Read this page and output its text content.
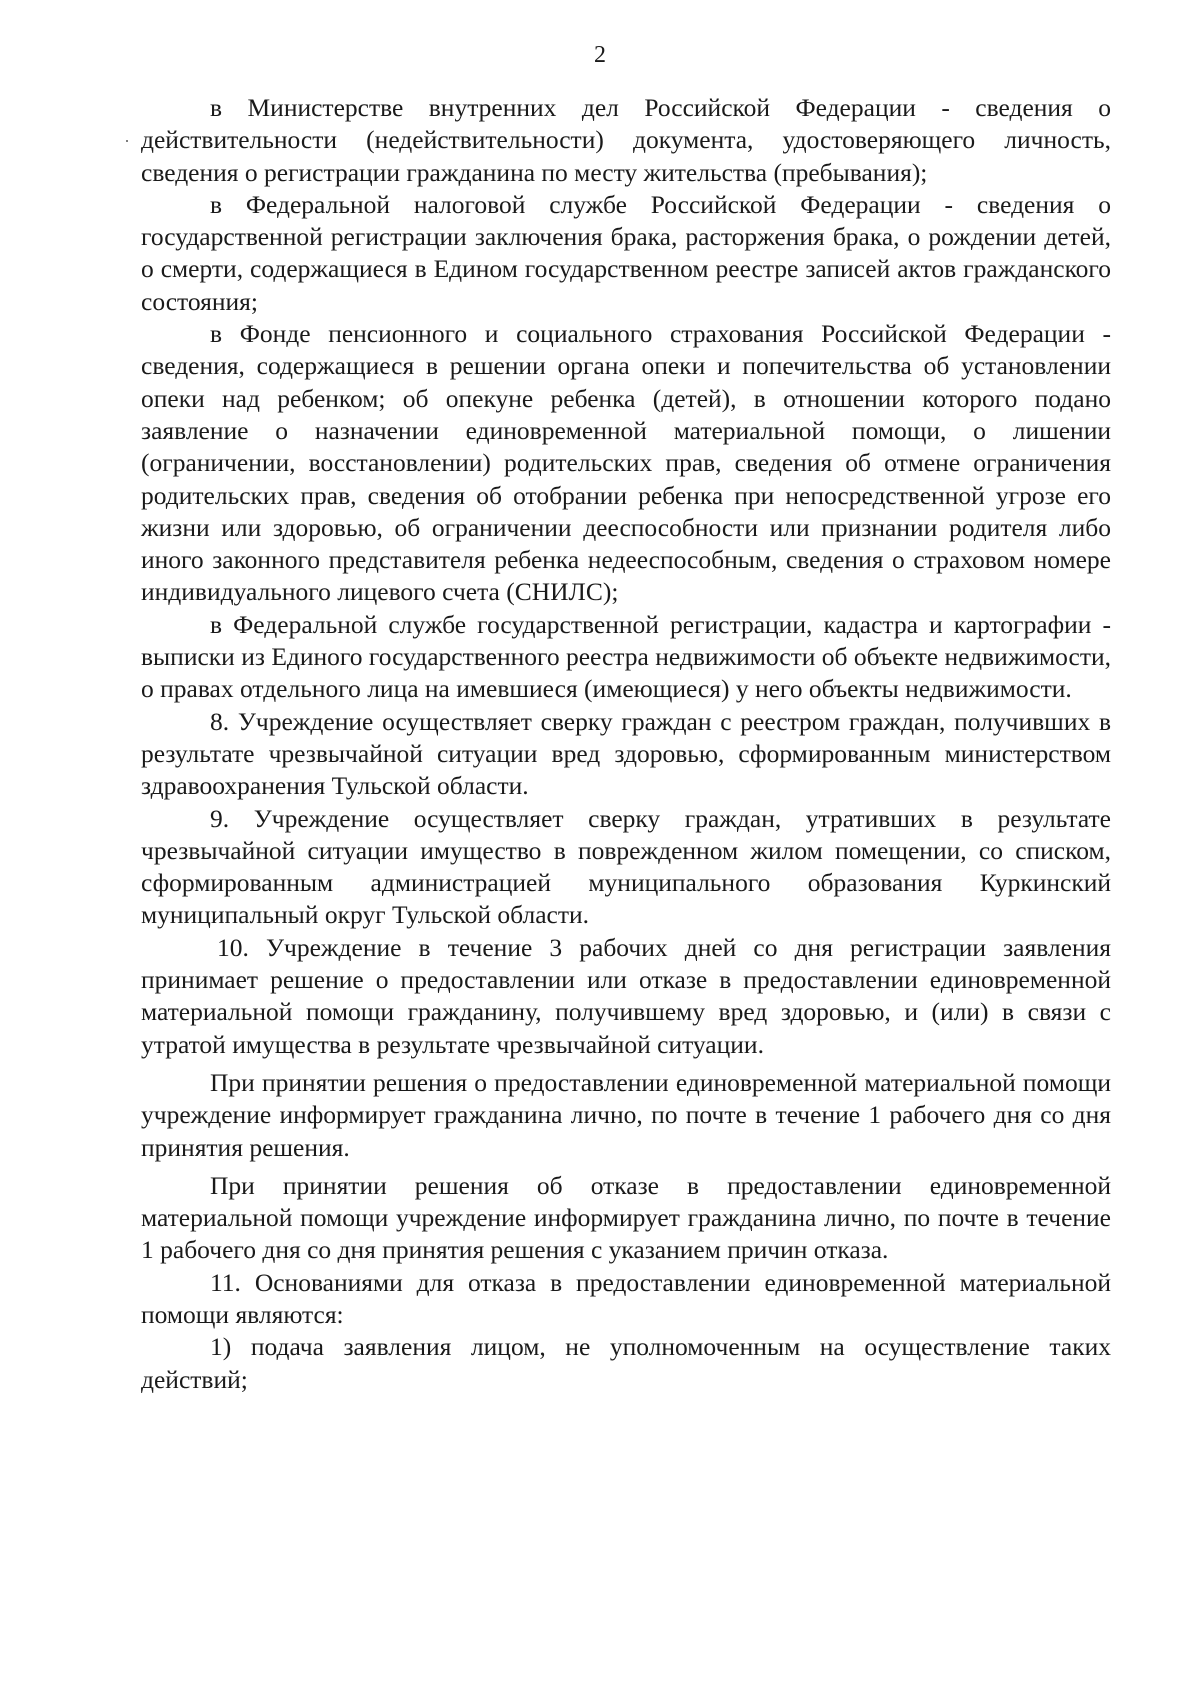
2

в Министерстве внутренних дел Российской Федерации - сведения о действительности (недействительности) документа, удостоверяющего личность, сведения о регистрации гражданина по месту жительства (пребывания);

в Федеральной налоговой службе Российской Федерации - сведения о государственной регистрации заключения брака, расторжения брака, о рождении детей, о смерти, содержащиеся в Едином государственном реестре записей актов гражданского состояния;

в Фонде пенсионного и социального страхования Российской Федерации - сведения, содержащиеся в решении органа опеки и попечительства об установлении опеки над ребенком; об опекуне ребенка (детей), в отношении которого подано заявление о назначении единовременной материальной помощи, о лишении (ограничении, восстановлении) родительских прав, сведения об отмене ограничения родительских прав, сведения об отобрании ребенка при непосредственной угрозе его жизни или здоровью, об ограничении дееспособности или признании родителя либо иного законного представителя ребенка недееспособным, сведения о страховом номере индивидуального лицевого счета (СНИЛС);

в Федеральной службе государственной регистрации, кадастра и картографии - выписки из Единого государственного реестра недвижимости об объекте недвижимости, о правах отдельного лица на имевшиеся (имеющиеся) у него объекты недвижимости.

8. Учреждение осуществляет сверку граждан с реестром граждан, получивших в результате чрезвычайной ситуации вред здоровью, сформированным министерством здравоохранения Тульской области.

9. Учреждение осуществляет сверку граждан, утративших в результате чрезвычайной ситуации имущество в поврежденном жилом помещении, со списком, сформированным администрацией муниципального образования Куркинский муниципальный округ Тульской области.

10. Учреждение в течение 3 рабочих дней со дня регистрации заявления принимает решение о предоставлении или отказе в предоставлении единовременной материальной помощи гражданину, получившему вред здоровью, и (или) в связи с утратой имущества в результате чрезвычайной ситуации.

При принятии решения о предоставлении единовременной материальной помощи учреждение информирует гражданина лично, по почте в течение 1 рабочего дня со дня принятия решения.

При принятии решения об отказе в предоставлении единовременной материальной помощи учреждение информирует гражданина лично, по почте в течение 1 рабочего дня со дня принятия решения с указанием причин отказа.

11. Основаниями для отказа в предоставлении единовременной материальной помощи являются:

1) подача заявления лицом, не уполномоченным на осуществление таких действий;
